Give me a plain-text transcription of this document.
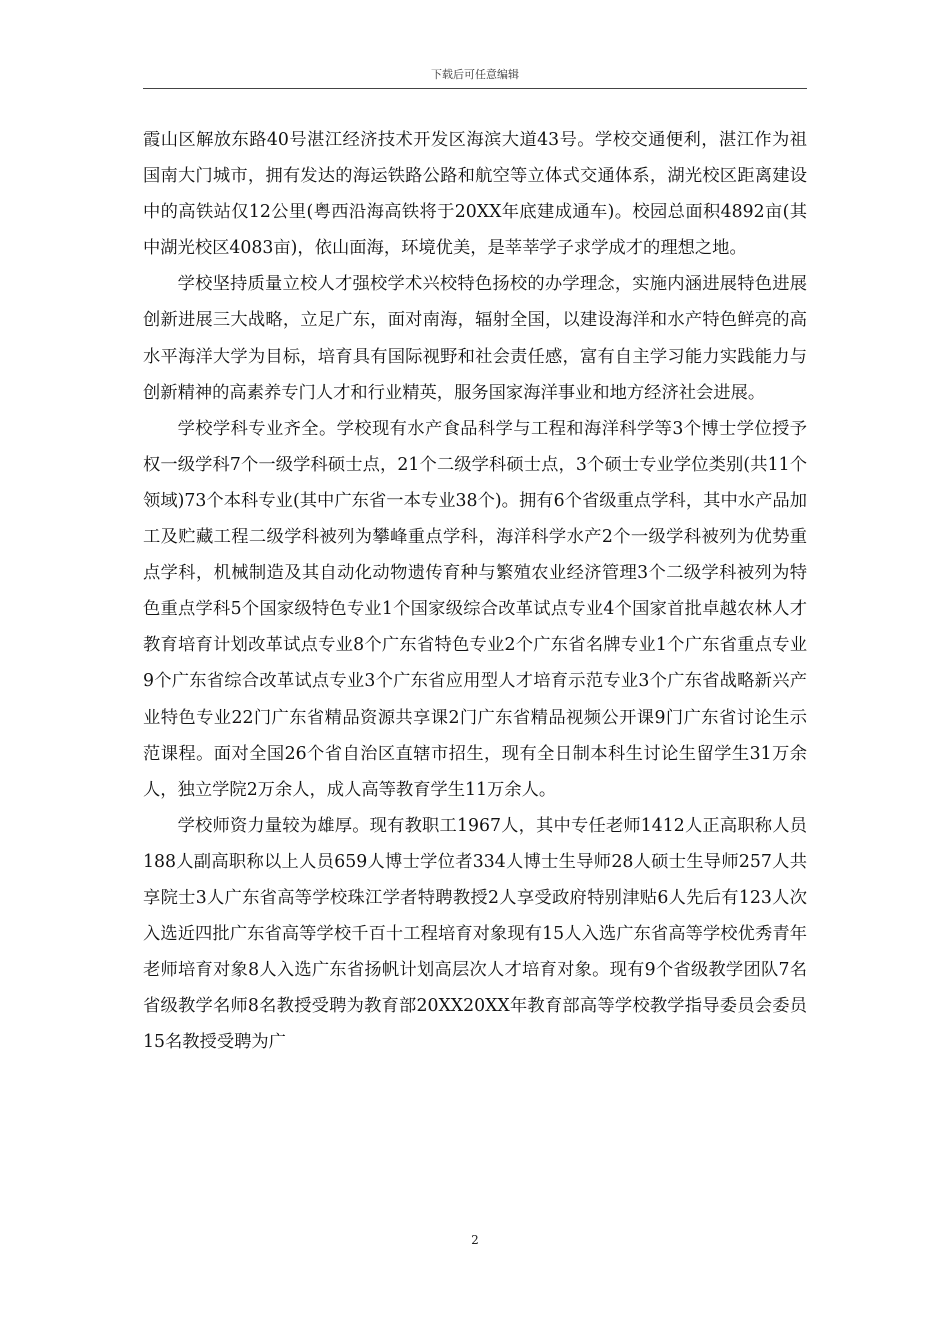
下载后可任意编辑

霞山区解放东路40号湛江经济技术开发区海滨大道43号。学校交通便利，湛江作为祖国南大门城市，拥有发达的海运铁路公路和航空等立体式交通体系，湖光校区距离建设中的高铁站仅12公里(粤西沿海高铁将于20XX年底建成通车)。校园总面积4892亩(其中湖光校区4083亩)，依山面海，环境优美，是莘莘学子求学成才的理想之地。

学校坚持质量立校人才强校学术兴校特色扬校的办学理念，实施内涵进展特色进展创新进展三大战略，立足广东，面对南海，辐射全国，以建设海洋和水产特色鲜亮的高水平海洋大学为目标，培育具有国际视野和社会责任感，富有自主学习能力实践能力与创新精神的高素养专门人才和行业精英，服务国家海洋事业和地方经济社会进展。

学校学科专业齐全。学校现有水产食品科学与工程和海洋科学等3个博士学位授予权一级学科7个一级学科硕士点，21个二级学科硕士点，3个硕士专业学位类别(共11个领域)73个本科专业(其中广东省一本专业38个)。拥有6个省级重点学科，其中水产品加工及贮藏工程二级学科被列为攀峰重点学科，海洋科学水产2个一级学科被列为优势重点学科，机械制造及其自动化动物遗传育种与繁殖农业经济管理3个二级学科被列为特色重点学科5个国家级特色专业1个国家级综合改革试点专业4个国家首批卓越农林人才教育培育计划改革试点专业8个广东省特色专业2个广东省名牌专业1个广东省重点专业9个广东省综合改革试点专业3个广东省应用型人才培育示范专业3个广东省战略新兴产业特色专业22门广东省精品资源共享课2门广东省精品视频公开课9门广东省讨论生示范课程。面对全国26个省自治区直辖市招生，现有全日制本科生讨论生留学生31万余人，独立学院2万余人，成人高等教育学生11万余人。

学校师资力量较为雄厚。现有教职工1967人，其中专任老师1412人正高职称人员188人副高职称以上人员659人博士学位者334人博士生导师28人硕士生导师257人共享院士3人广东省高等学校珠江学者特聘教授2人享受政府特别津贴6人先后有123人次入选近四批广东省高等学校千百十工程培育对象现有15人入选广东省高等学校优秀青年老师培育对象8人入选广东省扬帆计划高层次人才培育对象。现有9个省级教学团队7名省级教学名师8名教授受聘为教育部20XX20XX年教育部高等学校教学指导委员会委员15名教授受聘为广

2
